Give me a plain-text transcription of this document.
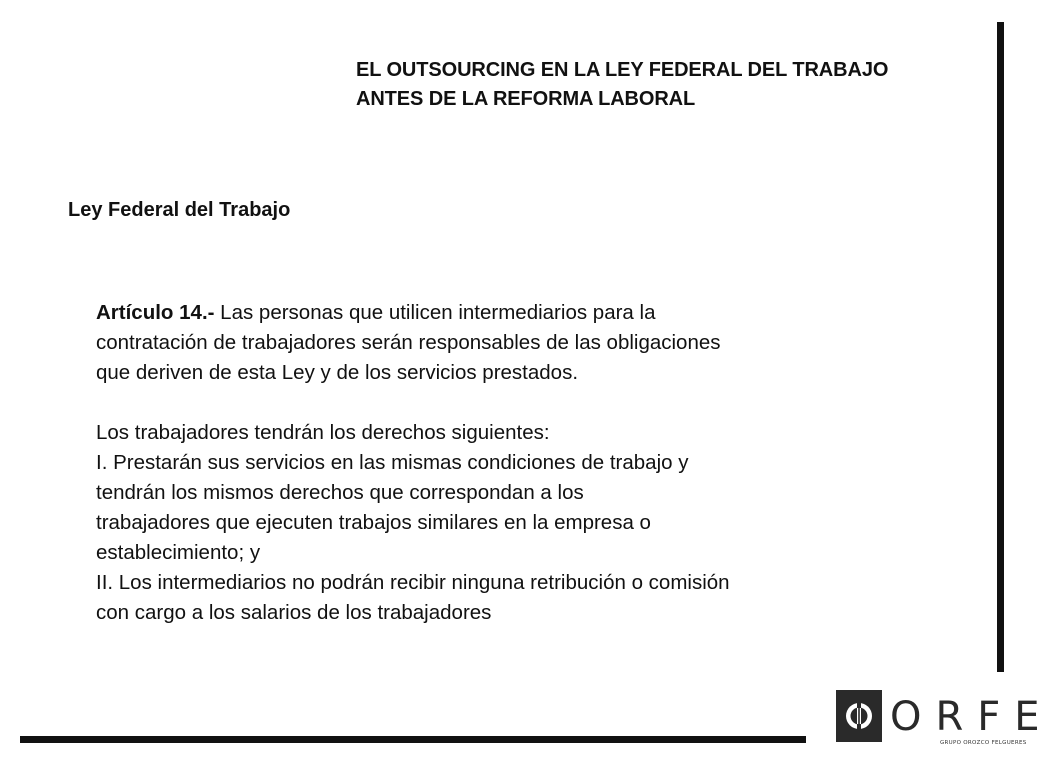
EL OUTSOURCING EN LA LEY FEDERAL DEL TRABAJO
ANTES DE LA REFORMA LABORAL
Ley Federal del Trabajo
Artículo 14.- Las personas que utilicen intermediarios para la
contratación de trabajadores serán responsables de las obligaciones
que deriven de esta Ley y de los servicios prestados.
Los trabajadores tendrán los derechos siguientes:
I. Prestarán sus servicios en las mismas condiciones de trabajo y
tendrán los mismos derechos que correspondan a los
trabajadores que ejecuten trabajos similares en la empresa o
establecimiento; y
II. Los intermediarios no podrán recibir ninguna retribución o comisión
con cargo a los salarios de los trabajadores
ORFE
GRUPO OROZCO FELGUERES
